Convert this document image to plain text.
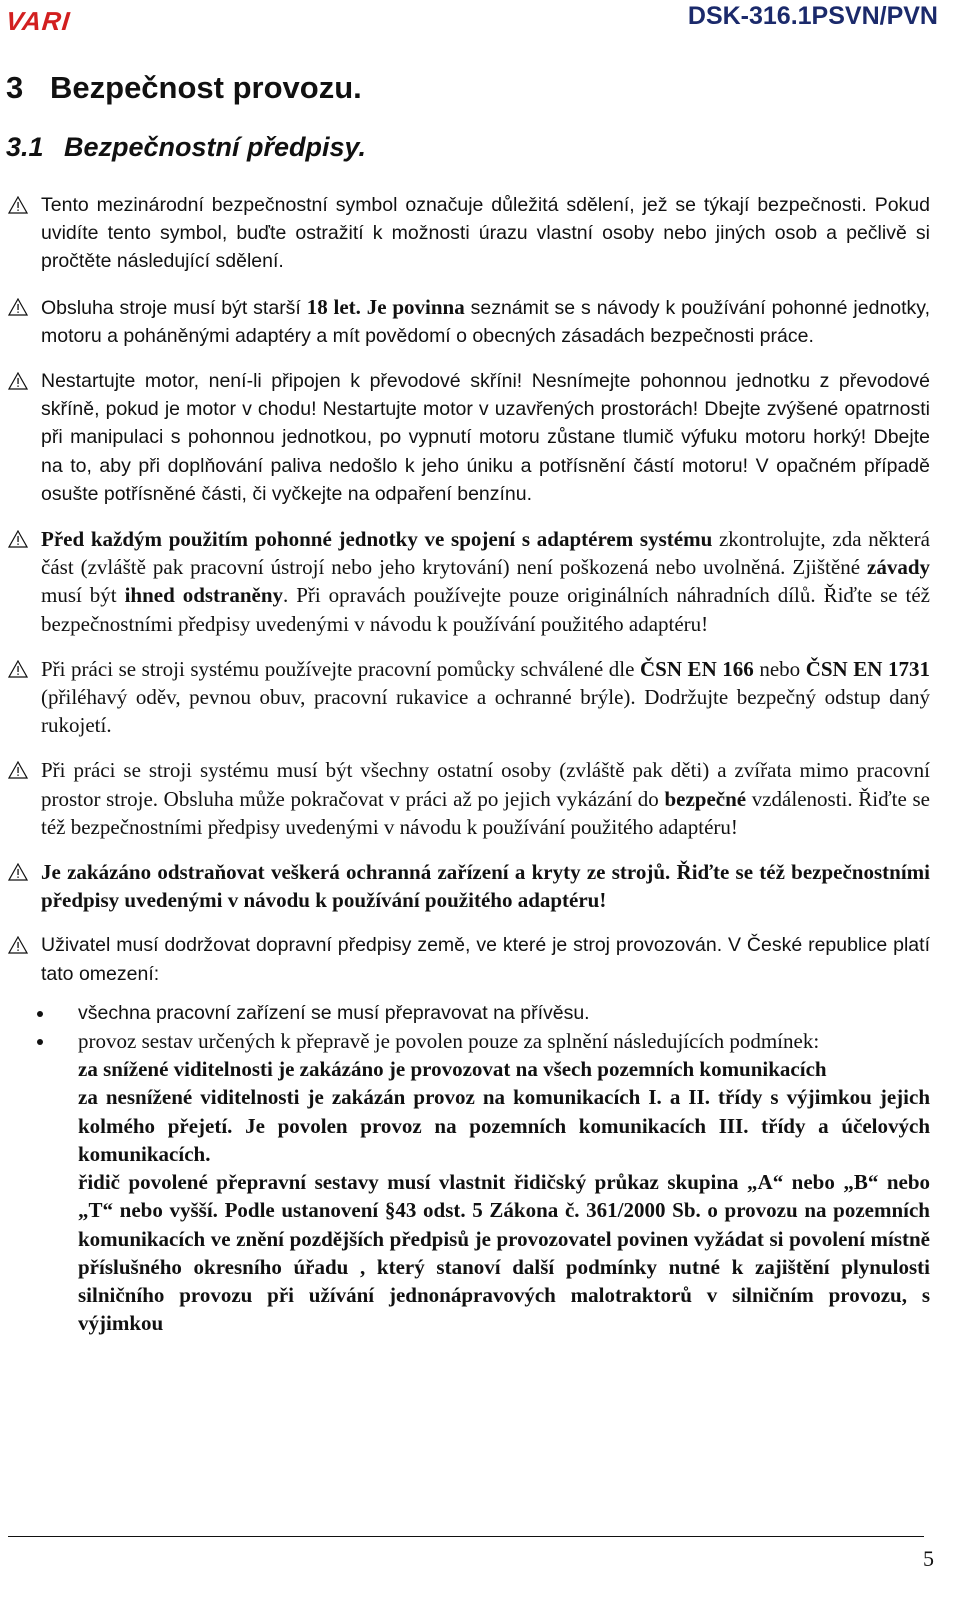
VARI	DSK-316.1PSVN/PVN
3 Bezpečnost provozu.
3.1 Bezpečnostní předpisy.
Tento mezinárodní bezpečnostní symbol označuje důležitá sdělení, jež se týkají bezpečnosti. Pokud uvidíte tento symbol, buďte ostražití k možnosti úrazu vlastní osoby nebo jiných osob a pečlivě si pročtěte následující sdělení.
Obsluha stroje musí být starší 18 let. Je povinna seznámit se s návody k používání pohonné jednotky, motoru a poháněnými adaptéry a mít povědomí o obecných zásadách bezpečnosti práce.
Nestartujte motor, není-li připojen k převodové skříni! Nesnímejte pohonnou jednotku z převodové skříně, pokud je motor v chodu! Nestartujte motor v uzavřených prostorách! Dbejte zvýšené opatrnosti při manipulaci s pohonnou jednotkou, po vypnutí motoru zůstane tlumič výfuku motoru horký! Dbejte na to, aby při doplňování paliva nedošlo k jeho úniku a potřísnění částí motoru! V opačném případě osušte potřísněné části, či vyčkejte na odpaření benzínu.
Před každým použitím pohonné jednotky ve spojení s adaptérem systému zkontrolujte, zda některá část (zvláště pak pracovní ústrojí nebo jeho krytování) není poškozená nebo uvolněná. Zjištěné závady musí být ihned odstraněny. Při opravách používejte pouze originálních náhradních dílů. Řiďte se též bezpečnostními předpisy uvedenými v návodu k používání použitého adaptéru!
Při práci se stroji systému používejte pracovní pomůcky schválené dle ČSN EN 166 nebo ČSN EN 1731 (přiléhavý oděv, pevnou obuv, pracovní rukavice a ochranné brýle). Dodržujte bezpečný odstup daný rukojetí.
Při práci se stroji systému musí být všechny ostatní osoby (zvláště pak děti) a zvířata mimo pracovní prostor stroje. Obsluha může pokračovat v práci až po jejich vykázání do bezpečné vzdálenosti. Řiďte se též bezpečnostními předpisy uvedenými v návodu k používání použitého adaptéru!
Je zakázáno odstraňovat veškerá ochranná zařízení a kryty ze strojů. Řiďte se též bezpečnostními předpisy uvedenými v návodu k používání použitého adaptéru!
Uživatel musí dodržovat dopravní předpisy země, ve které je stroj provozován. V České republice platí tato omezení:
všechna pracovní zařízení se musí přepravovat na přívěsu.
provoz sestav určených k přepravě je povolen pouze za splnění následujících podmínek:
za snížené viditelnosti je zakázáno je provozovat na všech pozemních komunikacích
za nesnížené viditelnosti je zakázán provoz na komunikacích I. a II. třídy s výjimkou jejich kolmého přejetí. Je povolen provoz na pozemních komunikacích III. třídy a účelových komunikacích.
řidič povolené přepravní sestavy musí vlastnit řidičský průkaz skupina „A“ nebo „B“ nebo „T“ nebo vyšší. Podle ustanovení §43 odst. 5 Zákona č. 361/2000 Sb. o provozu na pozemních komunikacích ve znění pozdějších předpisů je provozovatel povinen vyžádat si povolení místně příslušného okresního úřadu , který stanoví další podmínky nutné k zajištění plynulosti silničního provozu při užívání jednonápravových malotraktorů v silničním provozu, s výjimkou
5
